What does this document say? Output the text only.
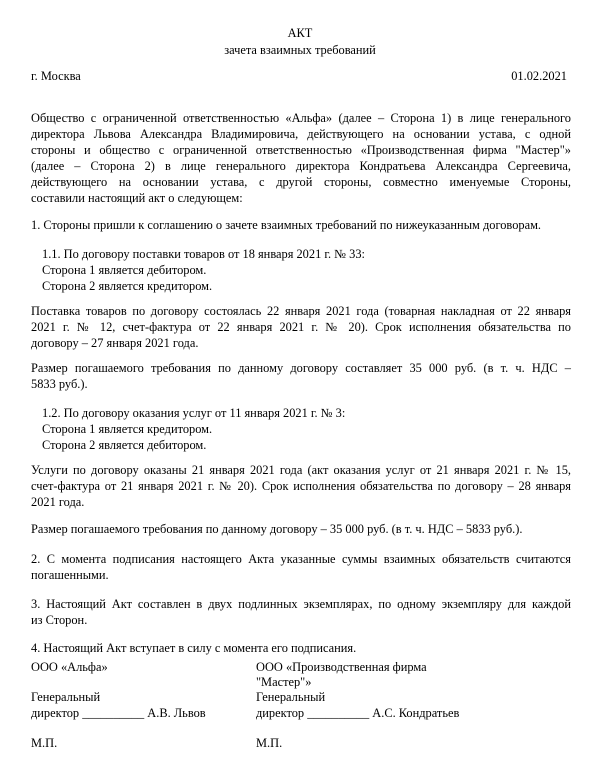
АКТ
зачета взаимных требований
г. Москва	01.02.2021
Общество с ограниченной ответственностью «Альфа» (далее – Сторона 1) в лице генерального
директора Львова Александра Владимировича, действующего на основании устава, с одной
стороны и общество с ограниченной ответственностью «Производственная фирма "Мастер"»
(далее – Сторона 2) в лице генерального директора Кондратьева Александра Сергеевича,
действующего на основании устава, с другой стороны, совместно именуемые Стороны,
составили настоящий акт о следующем:
1. Стороны пришли к соглашению о зачете взаимных требований по нижеуказанным договорам.
1.1. По договору поставки товаров от 18 января 2021 г. № 33:
Сторона 1 является дебитором.
Сторона 2 является кредитором.
Поставка товаров по договору состоялась 22 января 2021 года (товарная накладная от 22 января
2021 г. № 12, счет-фактура от 22 января 2021 г. № 20). Срок исполнения обязательства по
договору – 27 января 2021 года.
Размер погашаемого требования по данному договору составляет 35 000 руб. (в т. ч. НДС –
5833 руб.).
1.2. По договору оказания услуг от 11 января 2021 г. № 3:
Сторона 1 является кредитором.
Сторона 2 является дебитором.
Услуги по договору оказаны 21 января 2021 года (акт оказания услуг от 21 января 2021 г. № 15,
счет-фактура от 21 января 2021 г. № 20). Срок исполнения обязательства по договору – 28 января
2021 года.
Размер погашаемого требования по данному договору – 35 000 руб. (в т. ч. НДС – 5833 руб.).
2. С момента подписания настоящего Акта указанные суммы взаимных обязательств считаются
погашенными.
3. Настоящий Акт составлен в двух подлинных экземплярах, по одному экземпляру для каждой
из Сторон.
4. Настоящий Акт вступает в силу с момента его подписания.
ООО «Альфа»
Генеральный
директор __________ А.В. Львов
М.П.
ООО «Производственная фирма
"Мастер"»
Генеральный
директор __________ А.С. Кондратьев
М.П.
